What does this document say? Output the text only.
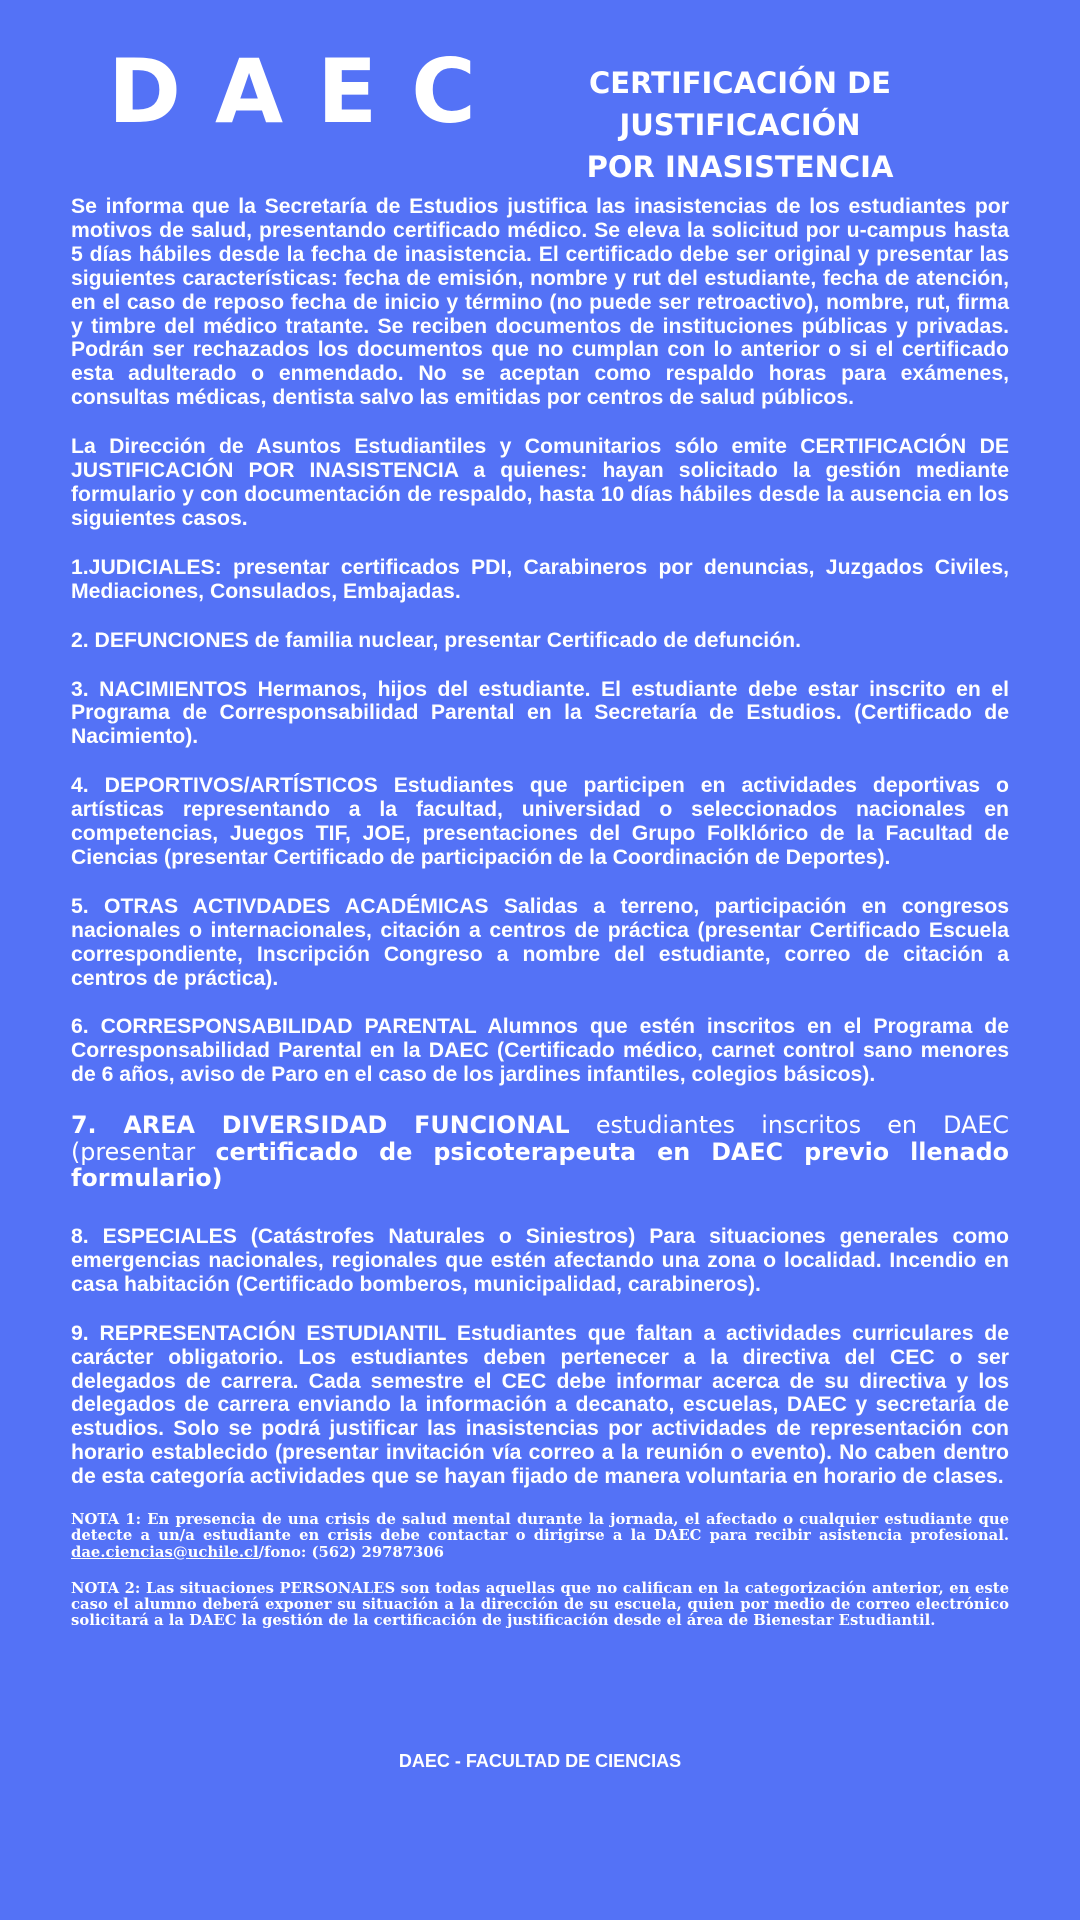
DAEC	CERTIFICACIÓN DE JUSTIFICACIÓN
POR INASISTENCIA

Se informa que la Secretaría de Estudios justifica las inasistencias de los estudiantes por motivos de salud, presentando certificado médico. Se eleva la solicitud por u-campus hasta 5 días hábiles desde la fecha de inasistencia. El certificado debe ser original y presentar las siguientes características: fecha de emisión, nombre y rut del estudiante, fecha de atención, en el caso de reposo fecha de inicio y término (no puede ser retroactivo), nombre, rut, firma y timbre del médico tratante. Se reciben documentos de instituciones públicas y privadas. Podrán ser rechazados los documentos que no cumplan con lo anterior o si el certificado esta adulterado o enmendado. No se aceptan como respaldo horas para exámenes, consultas médicas, dentista salvo las emitidas por centros de salud públicos.

La Dirección de Asuntos Estudiantiles y Comunitarios sólo emite CERTIFICACIÓN DE JUSTIFICACIÓN POR INASISTENCIA a quienes: hayan solicitado la gestión mediante formulario y con documentación de respaldo, hasta 10 días hábiles desde la ausencia en los siguientes casos.

1.JUDICIALES: presentar certificados PDI, Carabineros por denuncias, Juzgados Civiles, Mediaciones, Consulados, Embajadas.

2. DEFUNCIONES de familia nuclear, presentar Certificado de defunción.

3. NACIMIENTOS Hermanos, hijos del estudiante. El estudiante debe estar inscrito en el Programa de Corresponsabilidad Parental en la Secretaría de Estudios. (Certificado de Nacimiento).

4. DEPORTIVOS/ARTÍSTICOS Estudiantes que participen en actividades deportivas o artísticas representando a la facultad, universidad o seleccionados nacionales en competencias, Juegos TIF, JOE, presentaciones del Grupo Folklórico de la Facultad de Ciencias (presentar Certificado de participación de la Coordinación de Deportes).

5. OTRAS ACTIVDADES ACADÉMICAS Salidas a terreno, participación en congresos nacionales o internacionales, citación a centros de práctica (presentar Certificado Escuela correspondiente, Inscripción Congreso a nombre del estudiante, correo de citación a centros de práctica).

6. CORRESPONSABILIDAD PARENTAL Alumnos que estén inscritos en el Programa de Corresponsabilidad Parental en la DAEC (Certificado médico, carnet control sano menores de 6 años, aviso de Paro en el caso de los jardines infantiles, colegios básicos).

7. AREA DIVERSIDAD FUNCIONAL estudiantes inscritos en DAEC (presentar certificado de psicoterapeuta en DAEC previo llenado formulario)

8. ESPECIALES (Catástrofes Naturales o Siniestros) Para situaciones generales como emergencias nacionales, regionales que estén afectando una zona o localidad. Incendio en casa habitación (Certificado bomberos, municipalidad, carabineros).

9. REPRESENTACIÓN ESTUDIANTIL Estudiantes que faltan a actividades curriculares de carácter obligatorio. Los estudiantes deben pertenecer a la directiva del CEC o ser delegados de carrera. Cada semestre el CEC debe informar acerca de su directiva y los delegados de carrera enviando la información a decanato, escuelas, DAEC y secretaría de estudios. Solo se podrá justificar las inasistencias por actividades de representación con horario establecido (presentar invitación vía correo a la reunión o evento). No caben dentro de esta categoría actividades que se hayan fijado de manera voluntaria en horario de clases.

NOTA 1: En presencia de una crisis de salud mental durante la jornada, el afectado o cualquier estudiante que detecte a un/a estudiante en crisis debe contactar o dirigirse a la DAEC para recibir asistencia profesional. dae.ciencias@uchile.cl/fono: (562) 29787306

NOTA 2: Las situaciones PERSONALES son todas aquellas que no califican en la categorización anterior, en este caso el alumno deberá exponer su situación a la dirección de su escuela, quien por medio de correo electrónico solicitará a la DAEC la gestión de la certificación de justificación desde el área de Bienestar Estudiantil.

DAEC - FACULTAD DE CIENCIAS
